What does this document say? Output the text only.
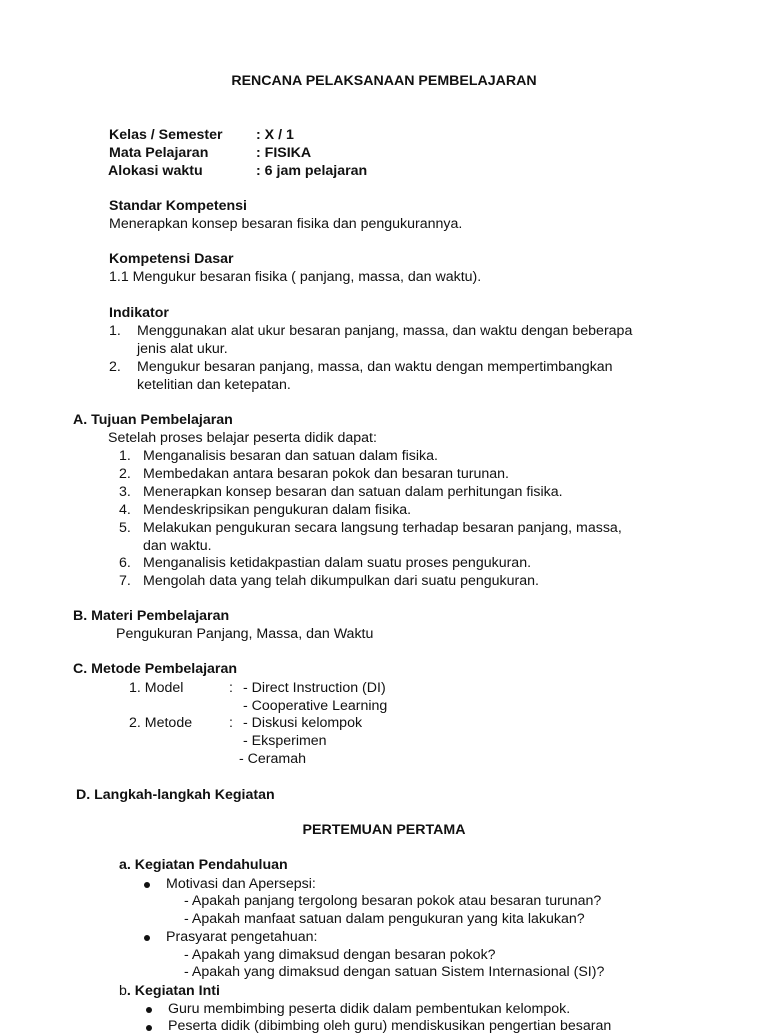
RENCANA PELAKSANAAN PEMBELAJARAN
Kelas / Semester : X / 1
Mata Pelajaran	: FISIKA
Alokasi waktu	: 6 jam pelajaran
Standar Kompetensi
Menerapkan konsep besaran fisika dan pengukurannya.
Kompetensi Dasar
1.1 Mengukur besaran fisika ( panjang, massa, dan waktu).
Indikator
1. Menggunakan alat ukur besaran panjang, massa, dan waktu dengan beberapa
jenis alat ukur.
2. Mengukur besaran panjang, massa, dan waktu dengan mempertimbangkan
ketelitian dan ketepatan.
A. Tujuan Pembelajaran
Setelah proses belajar peserta didik dapat:
1. Menganalisis besaran dan satuan dalam fisika.
2. Membedakan antara besaran pokok dan besaran turunan.
3. Menerapkan konsep besaran dan satuan dalam perhitungan fisika.
4. Mendeskripsikan pengukuran dalam fisika.
5. Melakukan pengukuran secara langsung terhadap besaran panjang, massa,
dan waktu.
6. Menganalisis ketidakpastian dalam suatu proses pengukuran.
7. Mengolah data yang telah dikumpulkan dari suatu pengukuran.
B. Materi Pembelajaran
Pengukuran Panjang, Massa, dan Waktu
C. Metode Pembelajaran
1. Model	: - Direct Instruction (DI)
- Cooperative Learning
2. Metode	: - Diskusi kelompok
- Eksperimen
- Ceramah
D. Langkah-langkah Kegiatan
PERTEMUAN PERTAMA
a. Kegiatan Pendahuluan
Motivasi dan Apersepsi:
- Apakah panjang tergolong besaran pokok atau besaran turunan?
- Apakah manfaat satuan dalam pengukuran yang kita lakukan?
Prasyarat pengetahuan:
- Apakah yang dimaksud dengan besaran pokok?
- Apakah yang dimaksud dengan satuan Sistem Internasional (SI)?
b. Kegiatan Inti
Guru membimbing peserta didik dalam pembentukan kelompok.
Peserta didik (dibimbing oleh guru) mendiskusikan pengertian besaran
